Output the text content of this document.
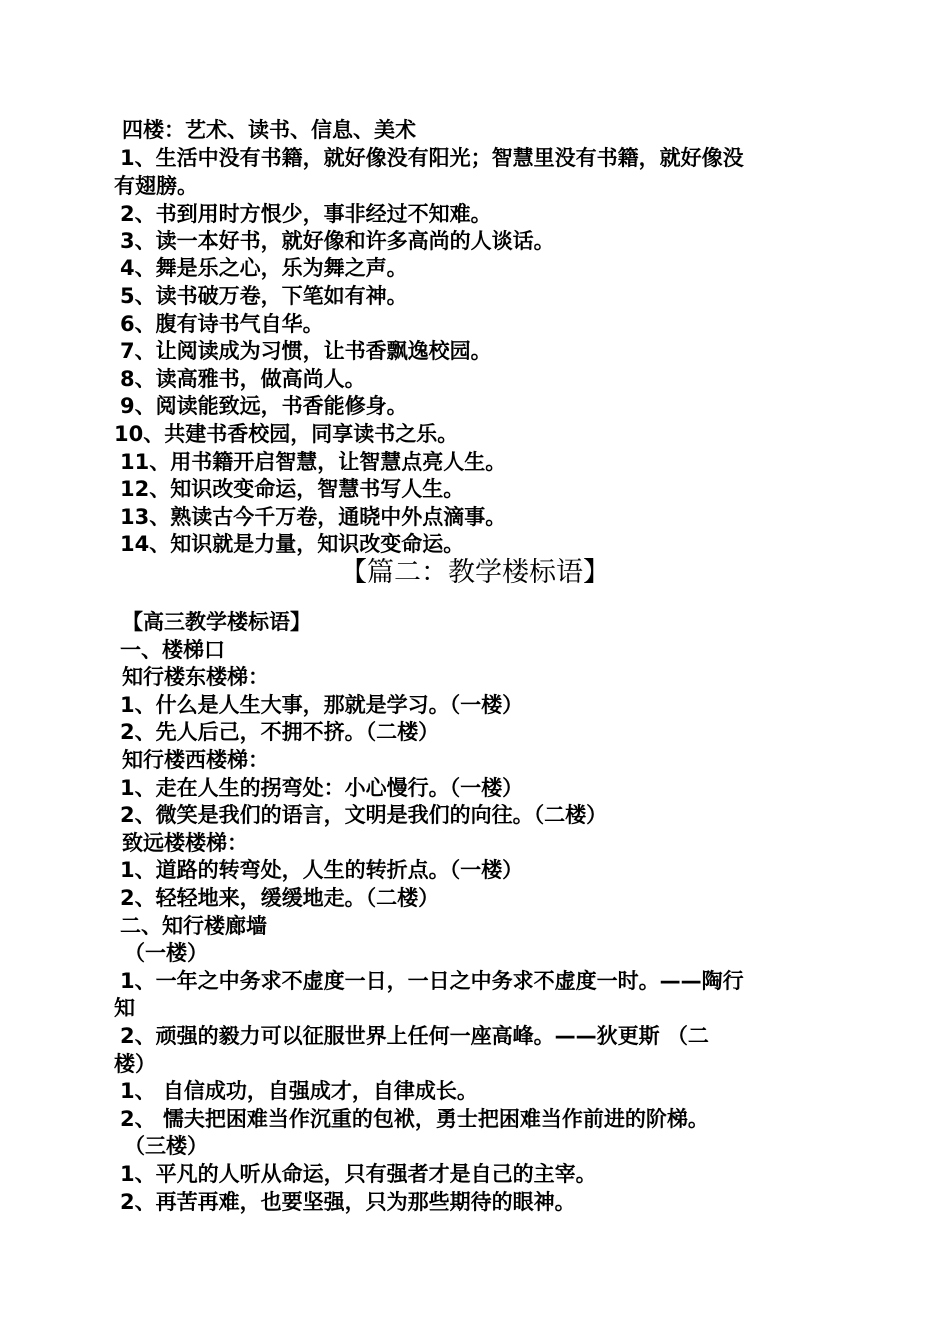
四楼：艺术、读书、信息、美术
1、生活中没有书籍，就好像没有阳光；智慧里没有书籍，就好像没
有翅膀。
2、书到用时方恨少，事非经过不知难。
3、读一本好书，就好像和许多高尚的人谈话。
4、舞是乐之心，乐为舞之声。
5、读书破万卷，下笔如有神。
6、腹有诗书气自华。
7、让阅读成为习惯，让书香飘逸校园。
8、读高雅书，做高尚人。
9、阅读能致远，书香能修身。
10、共建书香校园，同享读书之乐。
11、用书籍开启智慧，让智慧点亮人生。
12、知识改变命运，智慧书写人生。
13、熟读古今千万卷，通晓中外点滴事。
14、知识就是力量，知识改变命运。
【篇二：教学楼标语】
【高三教学楼标语】
一、楼梯口
知行楼东楼梯：
1、什么是人生大事，那就是学习。（一楼）
2、先人后己，不拥不挤。（二楼）
知行楼西楼梯：
1、走在人生的拐弯处：小心慢行。（一楼）
2、微笑是我们的语言，文明是我们的向往。（二楼）
致远楼楼梯：
1、道路的转弯处，人生的转折点。（一楼）
2、轻轻地来，缓缓地走。（二楼）
二、知行楼廊墙
（一楼）
1、一年之中务求不虚度一日，一日之中务求不虚度一时。——陶行
知
2、顽强的毅力可以征服世界上任何一座高峰。——狄更斯 （二
楼）
1、 自信成功，自强成才，自律成长。
2、 懦夫把困难当作沉重的包袱，勇士把困难当作前进的阶梯。
（三楼）
1、平凡的人听从命运，只有强者才是自己的主宰。
2、再苦再难，也要坚强，只为那些期待的眼神。
